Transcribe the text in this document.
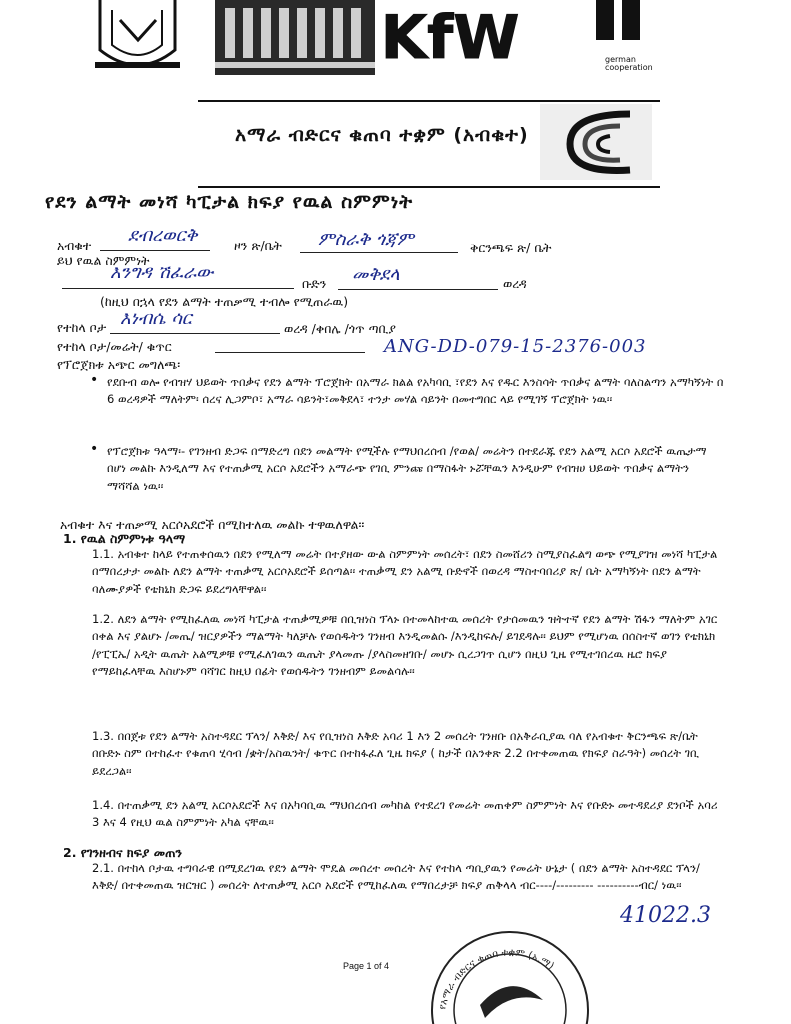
KfW	german cooperation
አማራ ብድርና ቁጠባ ተቋም (አብቁተ)
የደን ልማት መነሻ ካፒታል ክፍያ የዉል ስምምነት
አብቁተ ደብረወርቅ	ዞን ጽ/ቤት ምስራቅ ጎጃም	ቅርንጫፍ ጽ/ ቤት
ይህ የዉል ስምምነት
እንግዳ ሽፈራው
ቡድን መቅደላ	ወረዳ
(ከዚህ በኋላ የደን ልማት ተጠቃሚ ተብሎ የሚጠራዉ)
የተከላ ቦታ እነብሴ ሳር	ወረዳ /ቀበሌ /ጎጥ ጣቢያ
የተከላ ቦታ/መሬት/ ቁጥር	ANG-DD-079-15-2376-003
የፕሮጀክቱ አጭር መግለጫ፡
• የደቡብ ወሎ የብዝሃ ህይወት ጥበቃና የደን ልማት ፕሮጀክት በአማራ ክልል የአካባቢ ፣የደን እና የዱር እንስሳት ጥበቃና ልማት ባለስልጣን አማካኝነት በ 6 ወረዳዎች ማለትም፡ ሰረና ሊጋምቦ፣ አማራ ሳይንት፣መቅደላ፣ ተንታ መሃል ሳይንት በመተግበር ላይ የሚገኝ ፕሮጀክት ነዉ፡፡
• የፕሮጀክቱ ዓላማ፡- የገንዘብ ድጋፍ በማድረግ በደን መልማት የሚችሉ የማህበረሰብ /የወል/ መሬትን በተደራጁ የደን አልሚ አርሶ አደሮች ዉጤታማ በሆነ መልኩ እንዲለማ እና የተጠቃሚ አርሶ አደሮችን አማራጭ የገቢ ምንጩ በማስፋት ኑሯቸዉን እንዲሁም የብዝሀ ህይወት ጥበቃና ልማትን ማሻሻል ነዉ፡፡
አብቁተ እና ተጠቃሚ አርሶአደሮች በሚከተለዉ መልኩ ተዋዉለዋል፡፡
1. የዉል ስምምነቱ ዓላማ
1.1. አብቁተ ከላይ የተጠቀሰዉን በደን የሚለማ መሬት በተያዘው ውል ስምምነት መሰረት፣ በደን ስመሸሪን ስሚያስፈልግ ወጭ የሚያገዝ መነሻ ካፒታል በማበረታታ መልኩ ለደን ልማት ተጠቃሚ አርሶአደሮች ይሰጣል፡፡ ተጠቃሚ ደን አልሚ ቡድኖች በወረዳ ማስተባበሪያ ጽ/ ቤት አማካኝነት በደን ልማት ባለሙያዎች የቴክኒክ ድጋፍ ይደረግላቸዋል፡፡
1.2. ለደን ልማት የሚከፈለዉ መነሻ ካፒታል ተጠቃሚዎቹ በቢዝነስ ፕላኑ በተመላከተዉ መሰረት የታሰመዉን ዝትተኛ የደን ልማት ሽፋን ማለትም አገር በቀል እና ያልሆኑ /መጤ/ ዝርያዎችን ማልማት ካለቻሉ የወሰዱትን ገንዘብ እንዲመልሱ /እንዲከፍሉ/ ይገደዳሉ፡፡ ይህም የሚሆነዉ በሰስተኛ ወገን የቴክኒክ /የፒፒኤ/ አዲት ዉጤት አልሚዎቹ የሚፈለገዉን ዉጤት ያላመጡ /ያላስመዘገቡ/ መሆኑ ሲረጋገጥ ሲሆን በዚህ ጊዜ የሚተገበረዉ ዜሮ ክፍያ የማይከፈላቸዉ እስሆኑም ባሻገር ከዚህ በፊት የወሰዱትን ገንዘብም ይመልሳሉ፡፡
1.3. በበጀቱ የደን ልማት አስተዳደር ፕላን/ እቅድ/ እና የቢዝነስ እቅድ አባሪ 1 እን 2 መሰረት ገንዘቡ በአቅራቢያዉ ባለ የአብቁተ ቅርንጫፍ ጽ/ቤት በቡድኑ ስም በተከፈተ የቁጠባ ሂሳብ /ቋት/አስዉንት/ ቁጥር በተከፋፈለ ጊዜ ክፍያ ( ከታች በአንቀጽ 2.2 በተቀመጠዉ የክፍያ ስራዓት) መሰረት ገቢ ይደረጋል፡፡
1.4. በተጠቃሚ ደን አልሚ አርሶአደሮች እና በአካባቢዉ ማህበረሰብ መካከል የተደረገ የመሬት መጠቀም ስምምነት እና የቡድኑ መተዳደሪያ ደንቦች አባሪ 3 እና 4 የዚህ ዉል ስምምነት አካል ናቸዉ፡፡
2. የገንዘብና ክፍያ መጠን
2.1. በተከላ ቦታዉ ተግባራዊ በሚደረገዉ የደን ልማት ሞዴል መሰረተ መሰረት እና የተከላ ጣቢያዉን የመሬት ሁኔታ ( በደን ልማት አስተዳደር ፕላን/እቅድ/ በተቀመጠዉ ዝርዝር ) መሰረት ለተጠቃሚ አርሶ አደሮች የሚከፈለዉ የማበረታቻ ክፍያ ጠቅላላ ብር----/--------- ----------ብር/ ነዉ፡፡
41022.3
የአማራ ብድርና ቁጠባ ተቋም (አ.ማ)
Page 1 of 4
